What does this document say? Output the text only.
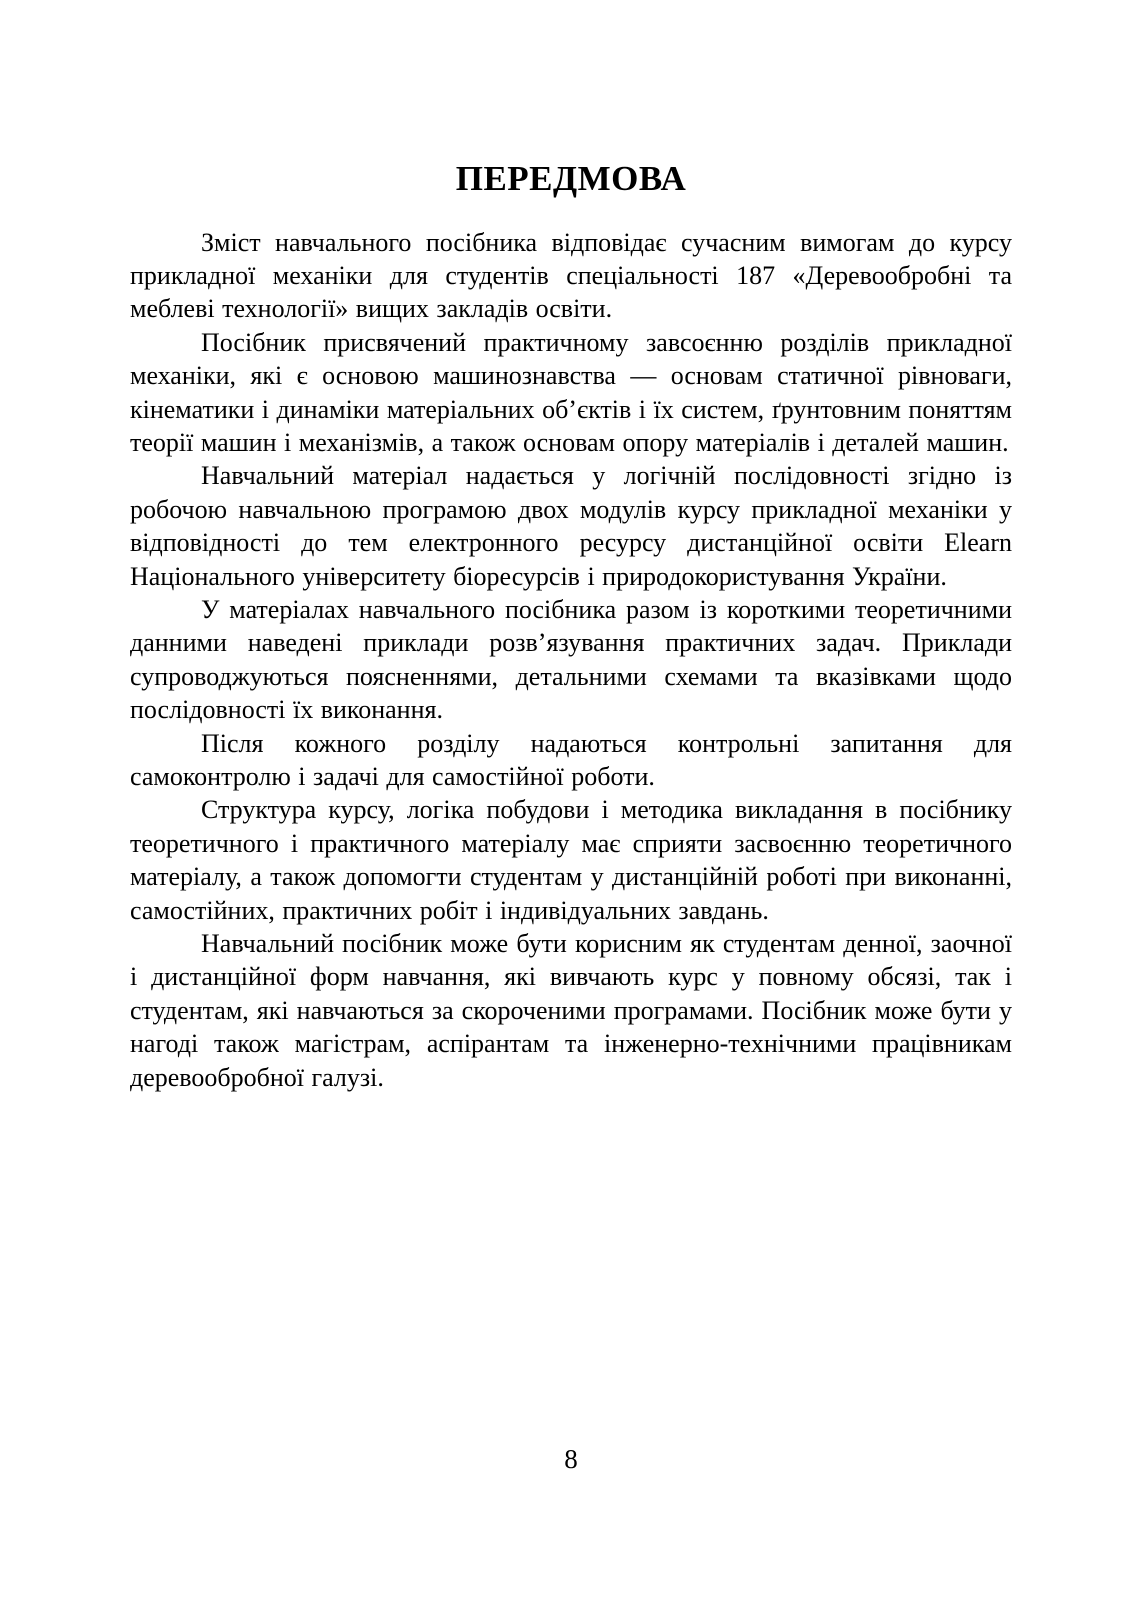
ПЕРЕДМОВА

Зміст навчального посібника відповідає сучасним вимогам до курсу прикладної механіки для студентів спеціальності 187 «Деревообробні та меблеві технології» вищих закладів освіти.

Посібник присвячений практичному завсоєнню розділів прикладної механіки, які є основою машинознавства — основам статичної рівноваги, кінематики і динаміки матеріальних об’єктів і їх систем, ґрунтовним поняттям теорії машин і механізмів, а також основам опору матеріалів і деталей машин.

Навчальний матеріал надається у логічній послідовності згідно із робочою навчальною програмою двох модулів курсу прикладної механіки у відповідності до тем електронного ресурсу дистанційної освіти Elearn Національного університету біоресурсів і природокористування України.

У матеріалах навчального посібника разом із короткими теоретичними данними наведені приклади розв’язування практичних задач. Приклади супроводжуються поясненнями, детальними схемами та вказівками щодо послідовності їх виконання.

Після кожного розділу надаються контрольні запитання для самоконтролю і задачі для самостійної роботи.

Структура курсу, логіка побудови і методика викладання в посібнику теоретичного і практичного матеріалу має сприяти засвоєнню теоретичного матеріалу, а також допомогти студентам у дистанційній роботі при виконанні, самостійних, практичних робіт і індивідуальних завдань.

Навчальний посібник може бути корисним як студентам денної, заочної і дистанційної форм навчання, які вивчають курс у повному обсязі, так і студентам, які навчаються за скороченими програмами. Посібник може бути у нагоді також магістрам, аспірантам та інженерно-технічними працівникам деревообробної галузі.

8
